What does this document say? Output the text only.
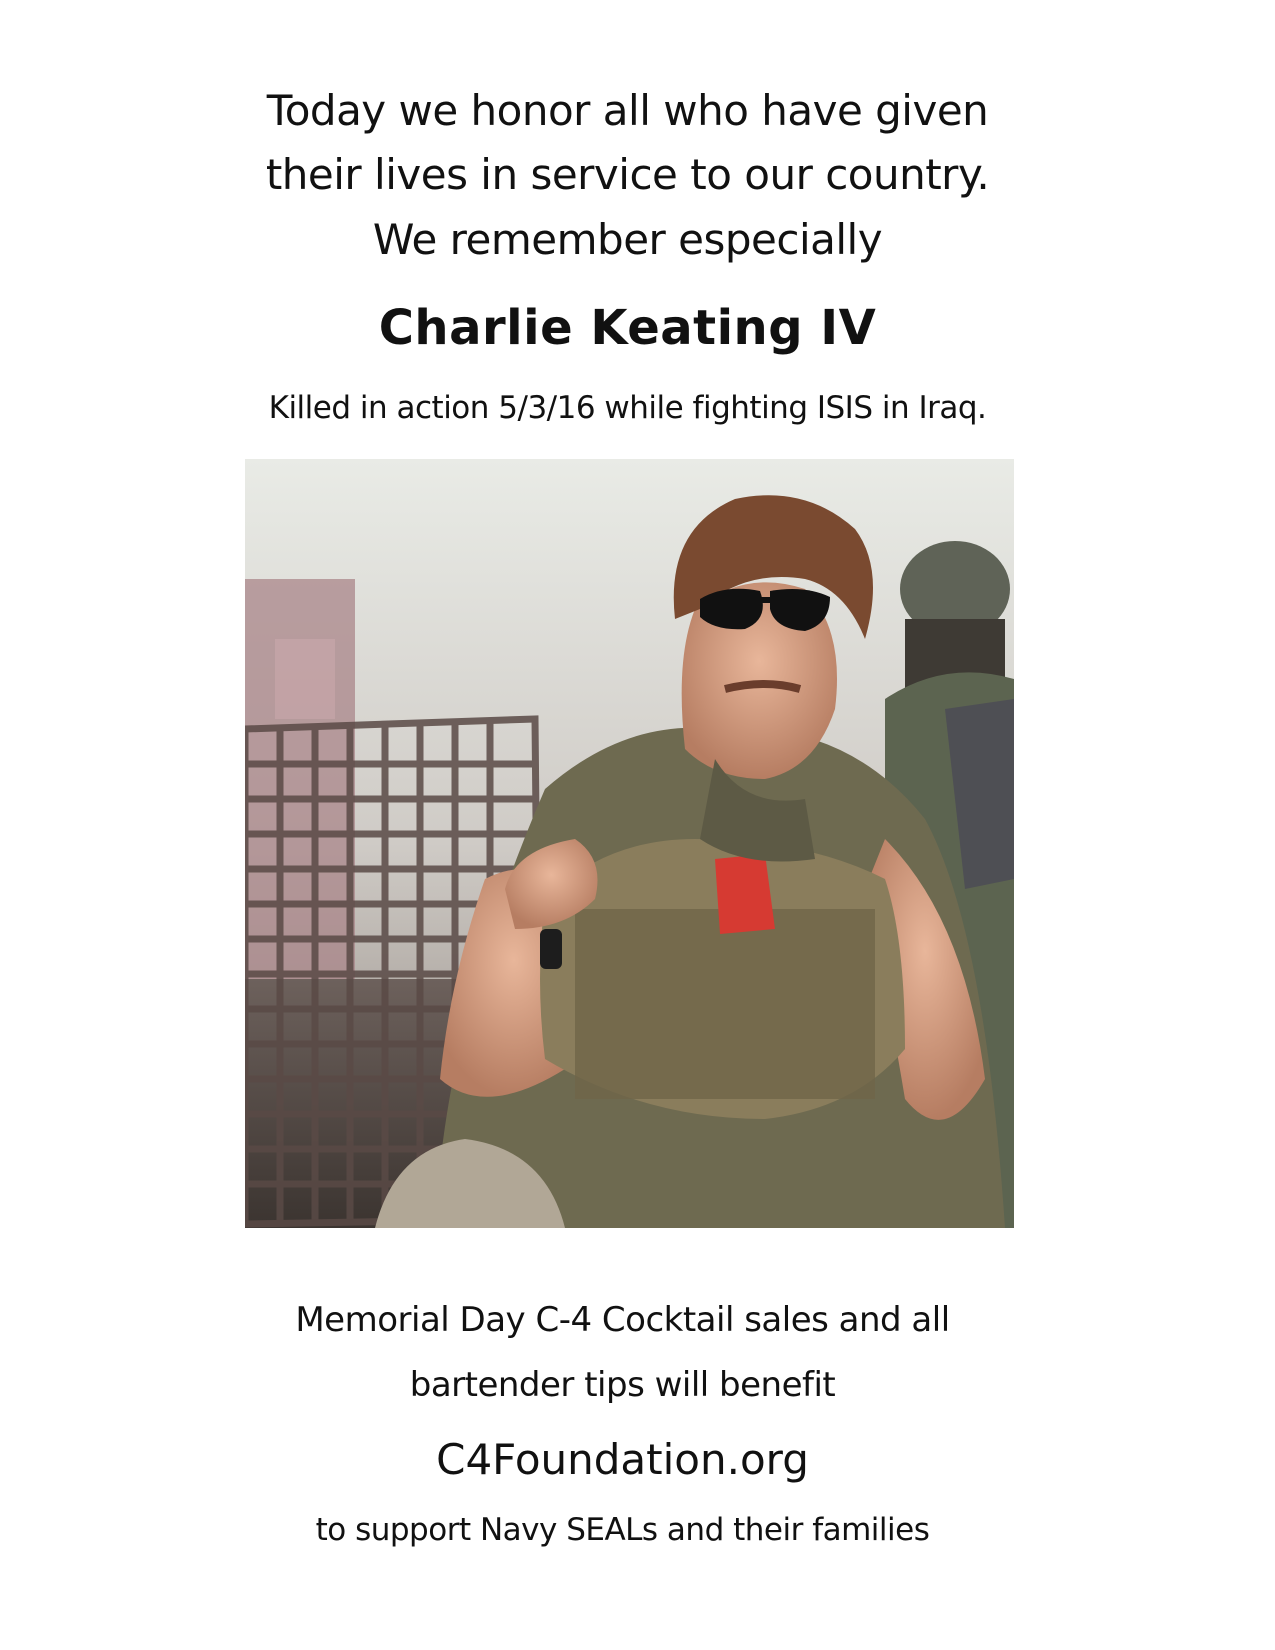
Today we honor all who have given
their lives in service to our country.
We remember especially
Charlie Keating IV
Killed in action 5/3/16 while fighting ISIS in Iraq.
Memorial Day C-4 Cocktail sales and all
bartender tips will benefit
C4Foundation.org
to support Navy SEALs and their families
